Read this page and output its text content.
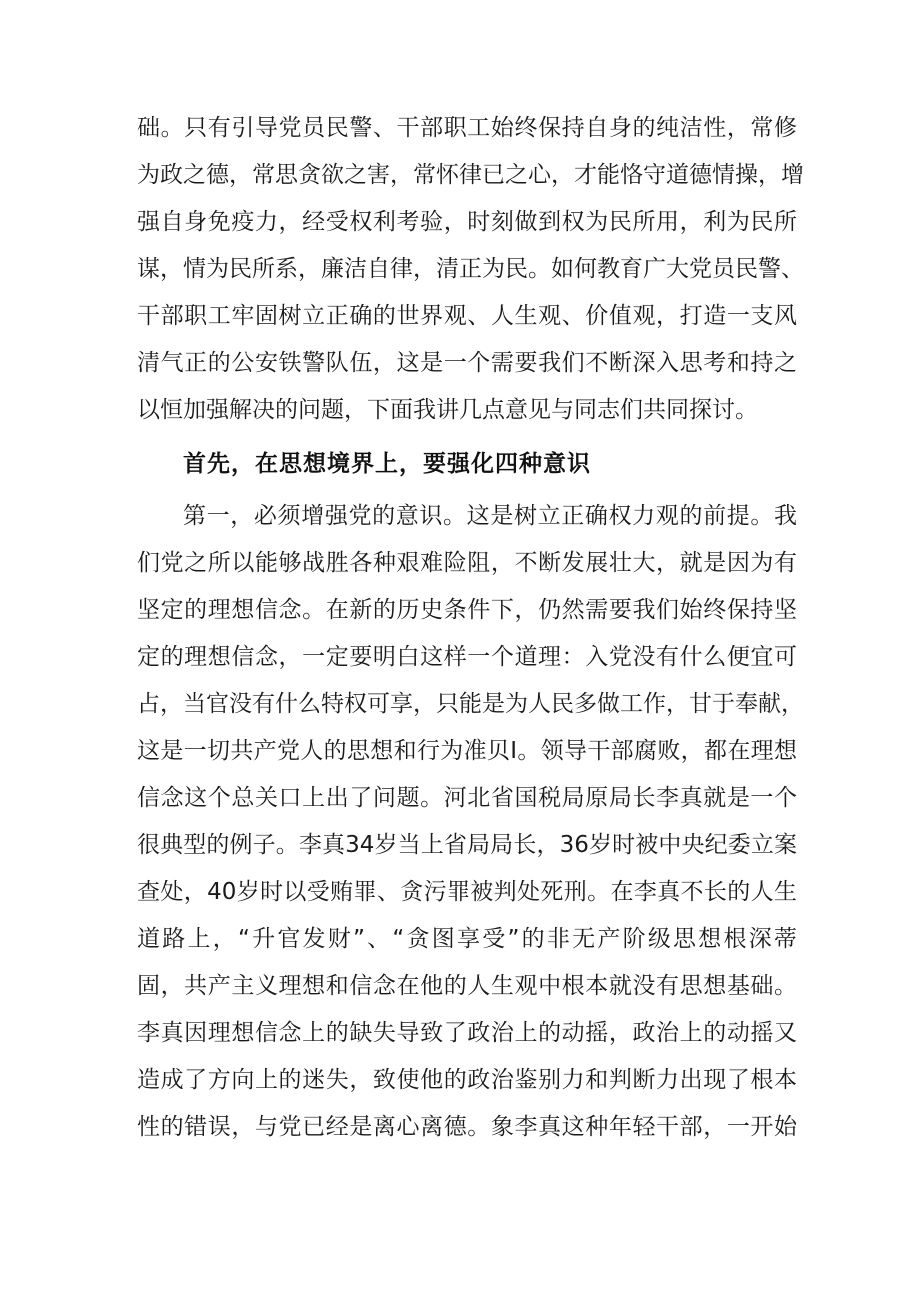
础。只有引导党员民警、干部职工始终保持自身的纯洁性，常修
为政之德，常思贪欲之害，常怀律已之心，才能恪守道德情操，增
强自身免疫力，经受权利考验，时刻做到权为民所用，利为民所
谋，情为民所系，廉洁自律，清正为民。如何教育广大党员民警、
干部职工牢固树立正确的世界观、人生观、价值观，打造一支风
清气正的公安铁警队伍，这是一个需要我们不断深入思考和持之
以恒加强解决的问题，下面我讲几点意见与同志们共同探讨。
首先，在思想境界上，要强化四种意识
第一，必须增强党的意识。这是树立正确权力观的前提。我
们党之所以能够战胜各种艰难险阻，不断发展壮大，就是因为有
坚定的理想信念。在新的历史条件下，仍然需要我们始终保持坚
定的理想信念，一定要明白这样一个道理：入党没有什么便宜可
占，当官没有什么特权可享，只能是为人民多做工作，甘于奉献，
这是一切共产党人的思想和行为准贝I。领导干部腐败，都在理想
信念这个总关口上出了问题。河北省国税局原局长李真就是一个
很典型的例子。李真34岁当上省局局长，36岁时被中央纪委立案
查处，40岁时以受贿罪、贪污罪被判处死刑。在李真不长的人生
道路上，“升官发财”、“贪图享受”的非无产阶级思想根深蒂
固，共产主义理想和信念在他的人生观中根本就没有思想基础。
李真因理想信念上的缺失导致了政治上的动摇，政治上的动摇又
造成了方向上的迷失，致使他的政治鉴别力和判断力出现了根本
性的错误，与党已经是离心离德。象李真这种年轻干部，一开始
